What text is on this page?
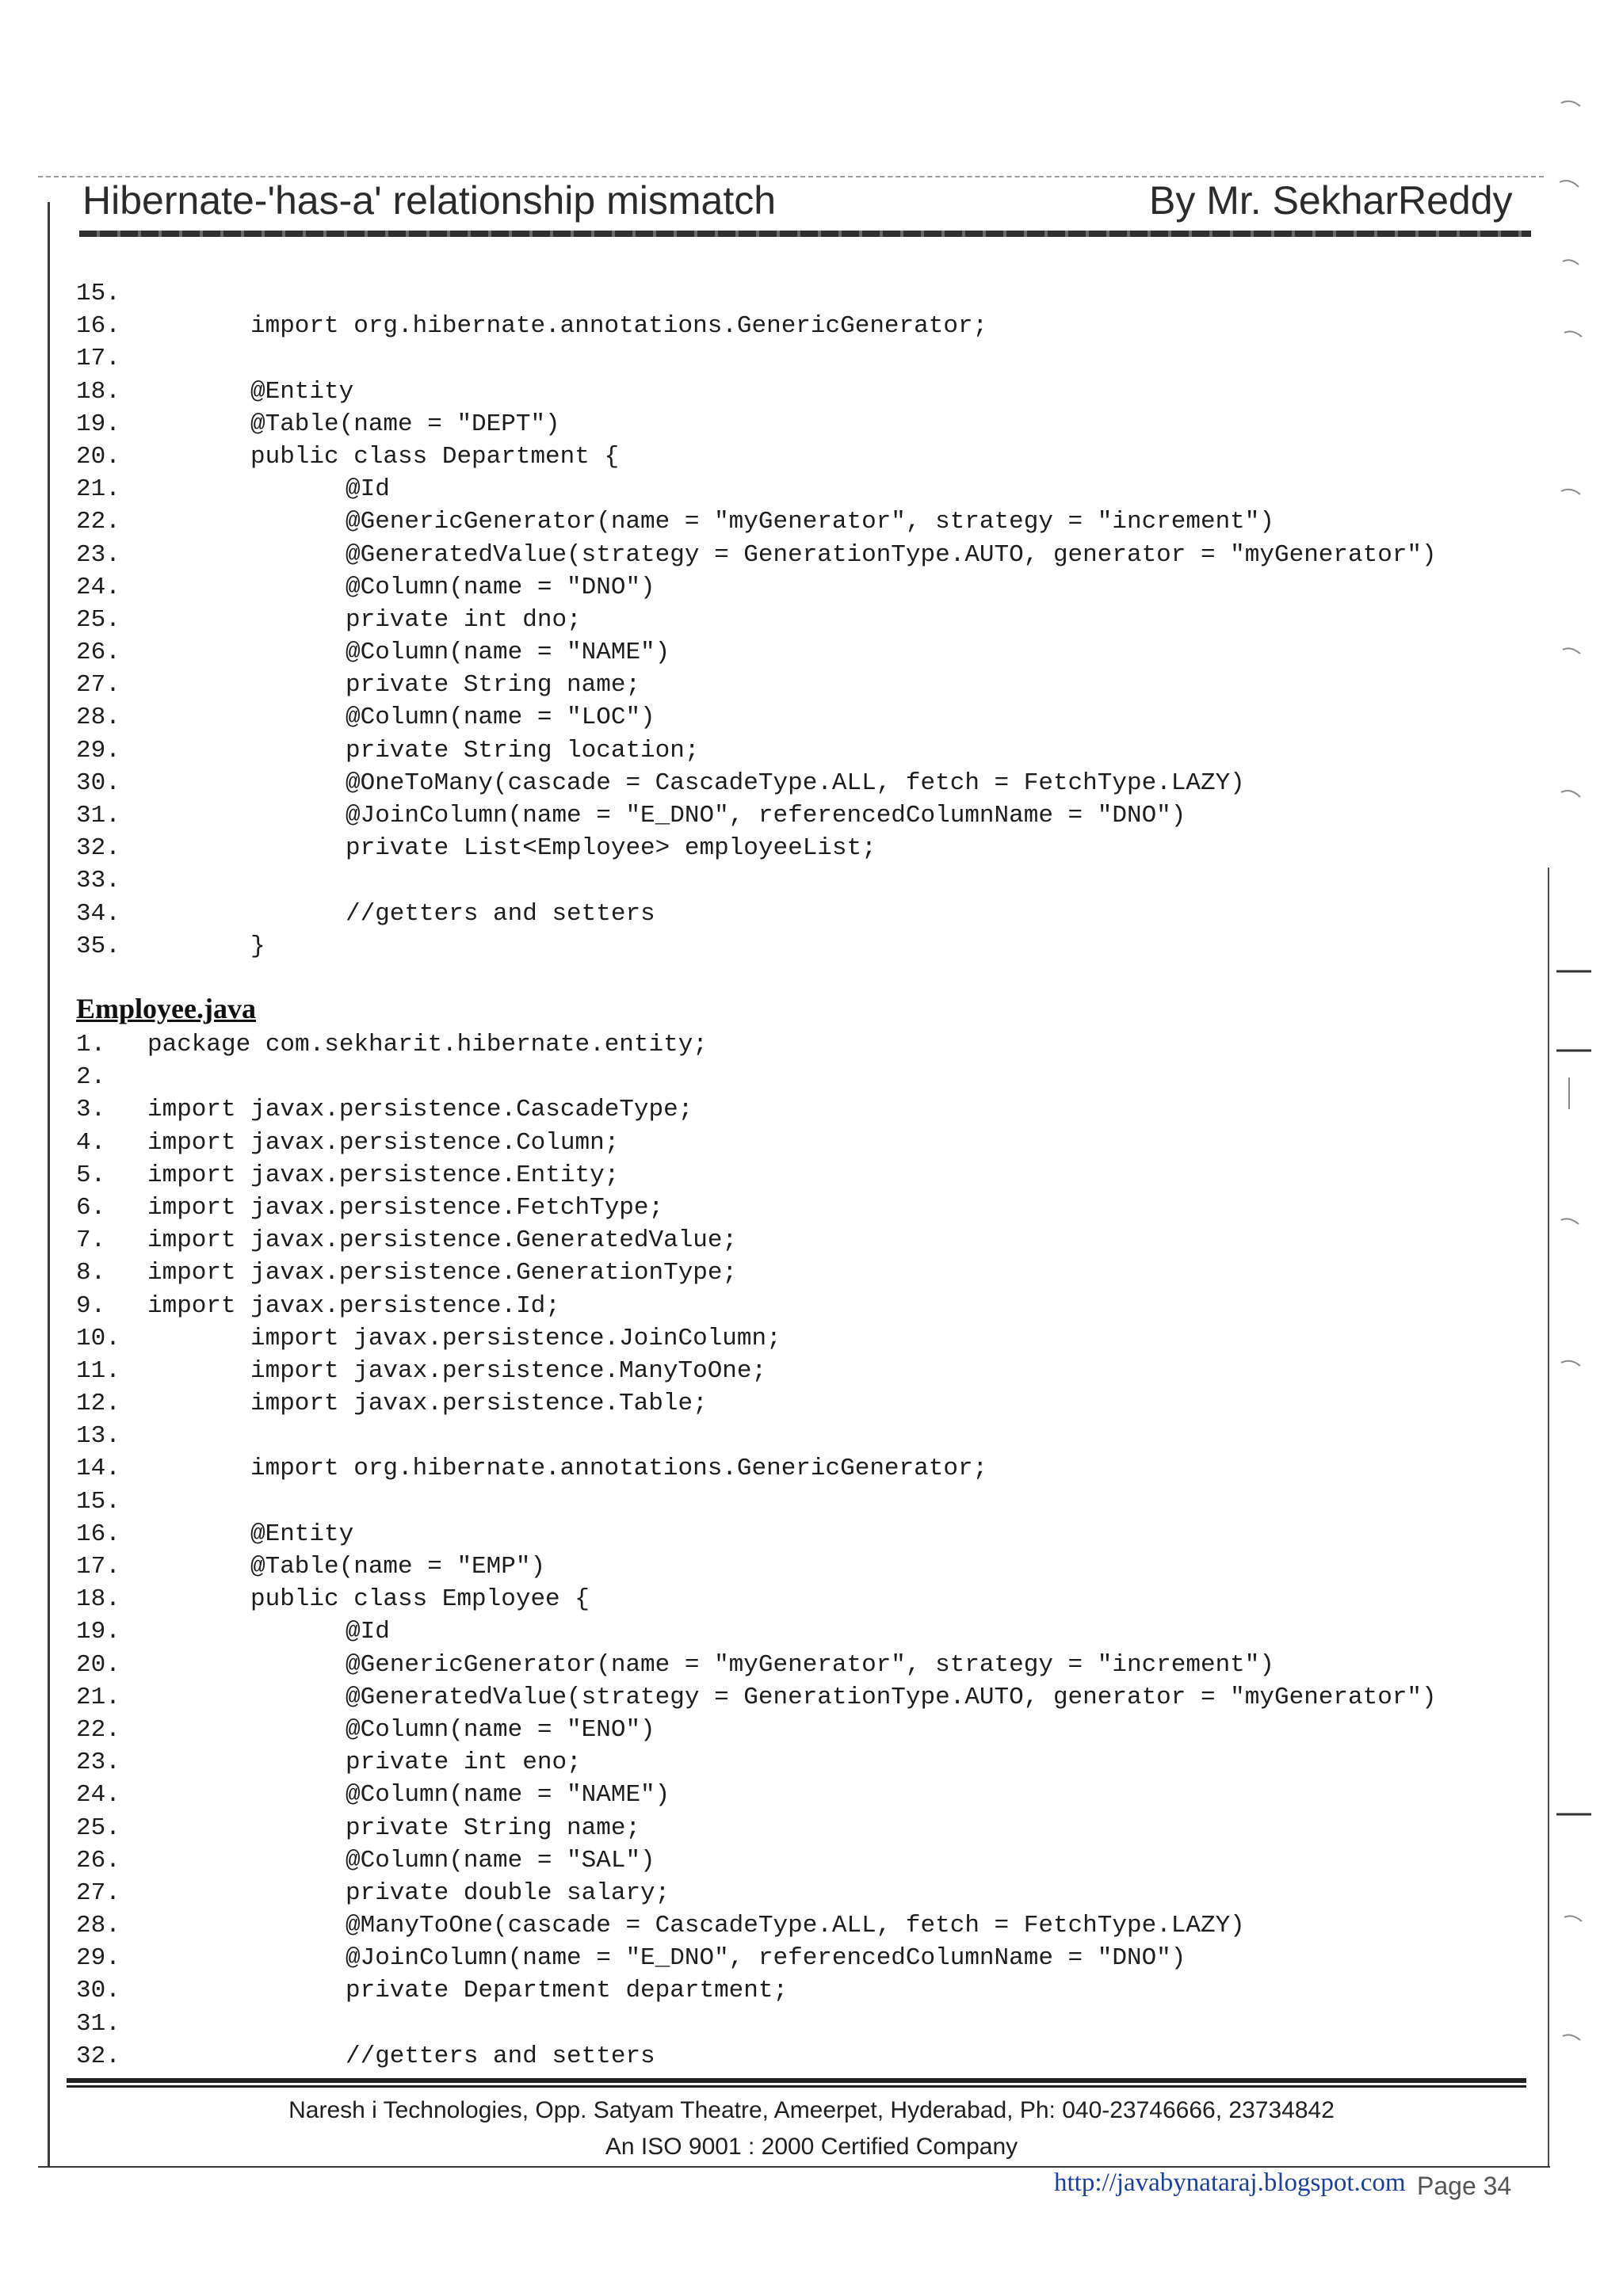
Hibernate-'has-a' relationship mismatch	By Mr. SekharReddy
15.
16.	import org.hibernate.annotations.GenericGenerator;
17.
18.	@Entity
19.	@Table(name = "DEPT")
20.	public class Department {
21.	@Id
22.	@GenericGenerator(name = "myGenerator", strategy = "increment")
23.	@GeneratedValue(strategy = GenerationType.AUTO, generator = "myGenerator")
24.	@Column(name = "DNO")
25.	private int dno;
26.	@Column(name = "NAME")
27.	private String name;
28.	@Column(name = "LOC")
29.	private String location;
30.	@OneToMany(cascade = CascadeType.ALL, fetch = FetchType.LAZY)
31.	@JoinColumn(name = "E_DNO", referencedColumnName = "DNO")
32.	private List<Employee> employeeList;
33.
34.	//getters and setters
35.	}
Employee.java
1. package com.sekharit.hibernate.entity;
2.
3. import javax.persistence.CascadeType;
4. import javax.persistence.Column;
5. import javax.persistence.Entity;
6. import javax.persistence.FetchType;
7. import javax.persistence.GeneratedValue;
8. import javax.persistence.GenerationType;
9. import javax.persistence.Id;
10.	import javax.persistence.JoinColumn;
11.	import javax.persistence.ManyToOne;
12.	import javax.persistence.Table;
13.
14.	import org.hibernate.annotations.GenericGenerator;
15.
16.	@Entity
17.	@Table(name = "EMP")
18.	public class Employee {
19.	@Id
20.	@GenericGenerator(name = "myGenerator", strategy = "increment")
21.	@GeneratedValue(strategy = GenerationType.AUTO, generator = "myGenerator")
22.	@Column(name = "ENO")
23.	private int eno;
24.	@Column(name = "NAME")
25.	private String name;
26.	@Column(name = "SAL")
27.	private double salary;
28.	@ManyToOne(cascade = CascadeType.ALL, fetch = FetchType.LAZY)
29.	@JoinColumn(name = "E_DNO", referencedColumnName = "DNO")
30.	private Department department;
31.
32.	//getters and setters
Naresh i Technologies, Opp. Satyam Theatre, Ameerpet, Hyderabad, Ph: 040-23746666, 23734842
An ISO 9001 : 2000 Certified Company
http://javabynataraj.blogspot.com Page 34
